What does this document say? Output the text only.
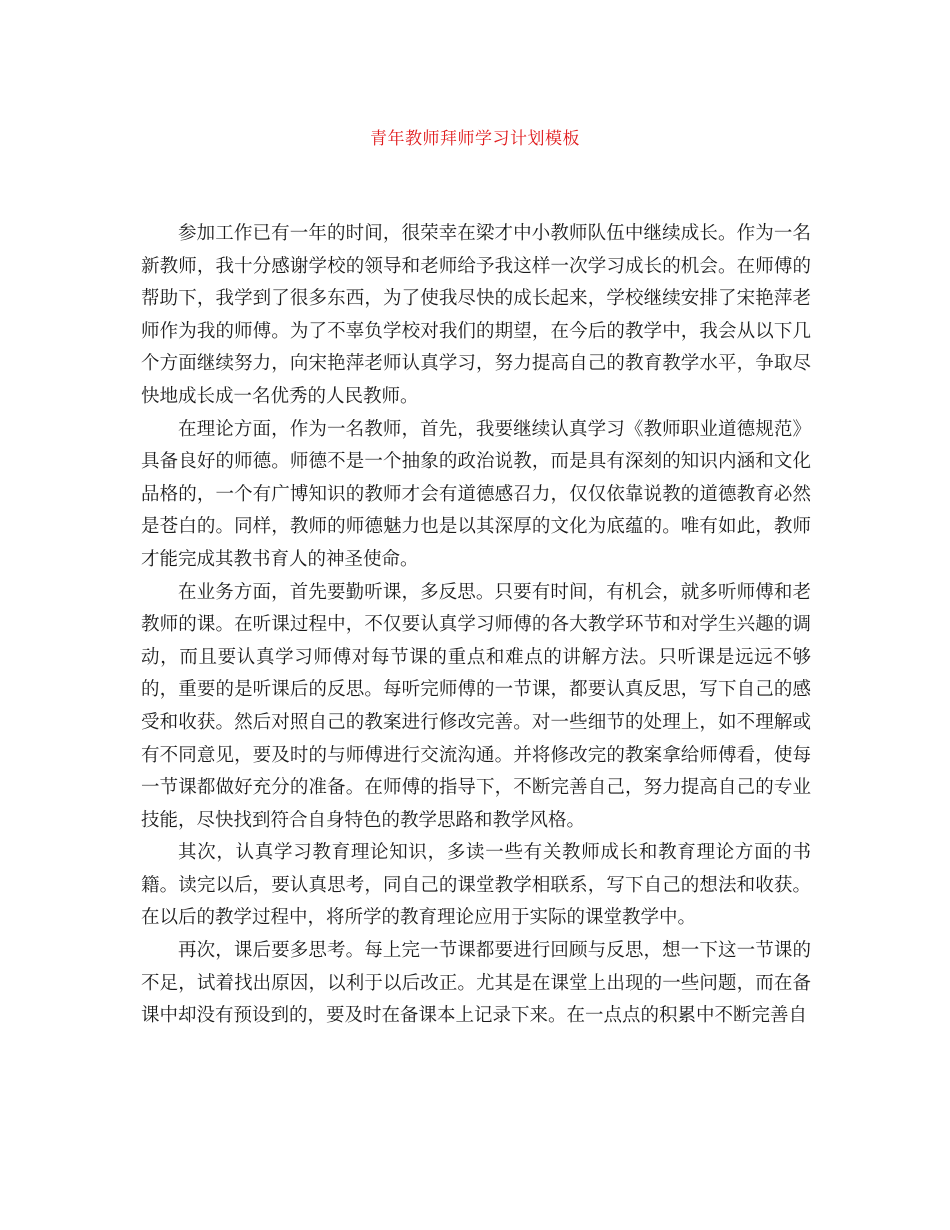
青年教师拜师学习计划模板

参加工作已有一年的时间，很荣幸在梁才中小教师队伍中继续成长。作为一名新教师，我十分感谢学校的领导和老师给予我这样一次学习成长的机会。在师傅的帮助下，我学到了很多东西，为了使我尽快的成长起来，学校继续安排了宋艳萍老师作为我的师傅。为了不辜负学校对我们的期望，在今后的教学中，我会从以下几个方面继续努力，向宋艳萍老师认真学习，努力提高自己的教育教学水平，争取尽快地成长成一名优秀的人民教师。

在理论方面，作为一名教师，首先，我要继续认真学习《教师职业道德规范》具备良好的师德。师德不是一个抽象的政治说教，而是具有深刻的知识内涵和文化品格的，一个有广博知识的教师才会有道德感召力，仅仅依靠说教的道德教育必然是苍白的。同样，教师的师德魅力也是以其深厚的文化为底蕴的。唯有如此，教师才能完成其教书育人的神圣使命。

在业务方面，首先要勤听课，多反思。只要有时间，有机会，就多听师傅和老教师的课。在听课过程中，不仅要认真学习师傅的各大教学环节和对学生兴趣的调动，而且要认真学习师傅对每节课的重点和难点的讲解方法。只听课是远远不够的，重要的是听课后的反思。每听完师傅的一节课，都要认真反思，写下自己的感受和收获。然后对照自己的教案进行修改完善。对一些细节的处理上，如不理解或有不同意见，要及时的与师傅进行交流沟通。并将修改完的教案拿给师傅看，使每一节课都做好充分的准备。在师傅的指导下，不断完善自己，努力提高自己的专业技能，尽快找到符合自身特色的教学思路和教学风格。

其次，认真学习教育理论知识，多读一些有关教师成长和教育理论方面的书籍。读完以后，要认真思考，同自己的课堂教学相联系，写下自己的想法和收获。在以后的教学过程中，将所学的教育理论应用于实际的课堂教学中。

再次，课后要多思考。每上完一节课都要进行回顾与反思，想一下这一节课的不足，试着找出原因，以利于以后改正。尤其是在课堂上出现的一些问题，而在备课中却没有预设到的，要及时在备课本上记录下来。在一点点的积累中不断完善自
